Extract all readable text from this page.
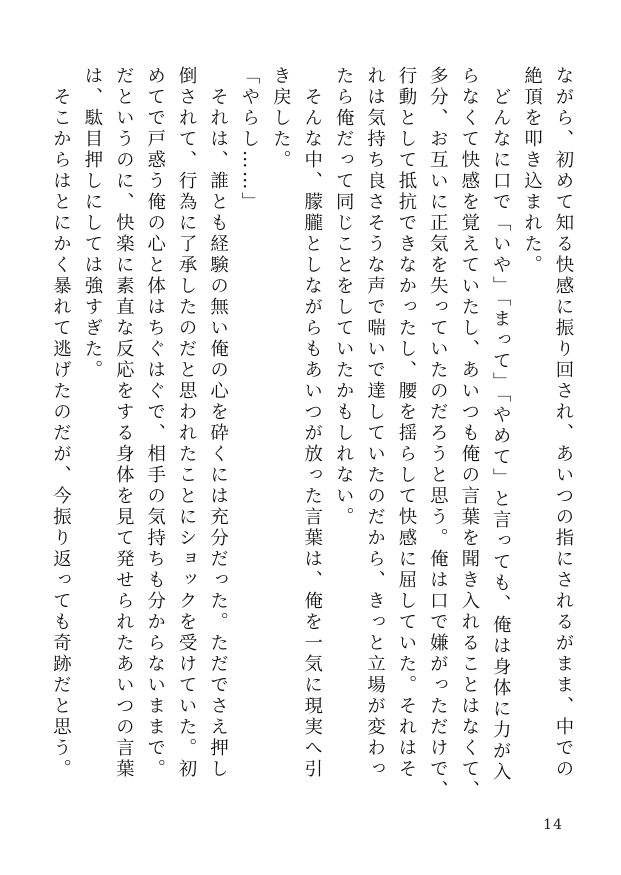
ながら、初めて知る快感に振り回され、あいつの指にされるがまま、中での

絶頂を叩き込まれた。

　どんなに口で「いや」「まって」「やめて」と言っても、俺は身体に力が入

らなくて快感を覚えていたし、あいつも俺の言葉を聞き入れることはなくて、

多分、お互いに正気を失っていたのだろうと思う。俺は口で嫌がっただけで、

行動として抵抗できなかったし、腰を揺らして快感に屈していた。それはそ

れは気持ち良さそうな声で喘いで達していたのだから、きっと立場が変わっ

たら俺だって同じことをしていたかもしれない。

　そんな中、朦朧としながらもあいつが放った言葉は、俺を一気に現実へ引

き戻した。

「やらし……」

　それは、誰とも経験の無い俺の心を砕くには充分だった。ただでさえ押し

倒されて、行為に了承したのだと思われたことにショックを受けていた。初

めてで戸惑う俺の心と体はちぐはぐで、相手の気持ちも分からないままで。

だというのに、快楽に素直な反応をする身体を見て発せられたあいつの言葉

は、駄目押しにしては強すぎた。

　そこからはとにかく暴れて逃げたのだが、今振り返っても奇跡だと思う。

14
